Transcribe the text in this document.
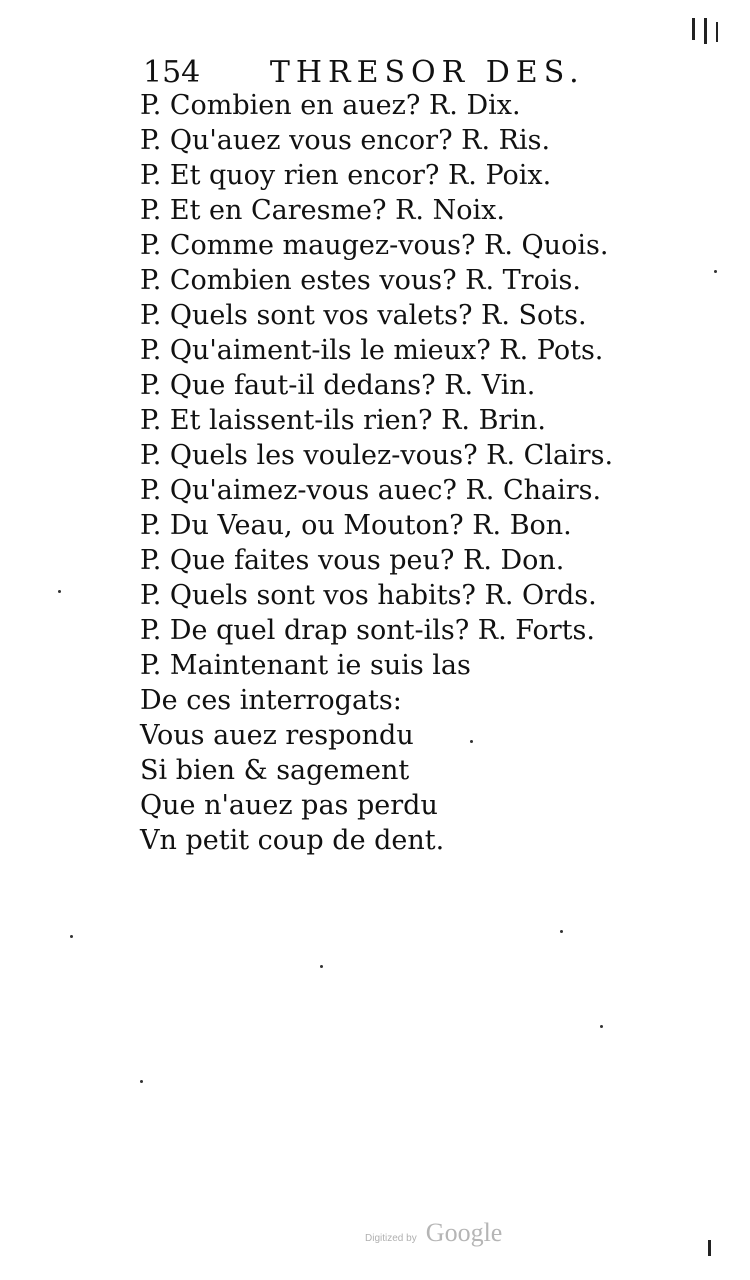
154 THRESOR DES.
P. Combien en auez? R. Dix.
P. Qu'auez vous encor? R. Ris.
P. Et quoy rien encor? R. Poix.
P. Et en Caresme? R. Noix.
P. Comme maugez-vous? R. Quois.
P. Combien estes vous? R. Trois.
P. Quels sont vos valets? R. Sots.
P. Qu'aiment-ils le mieux? R. Pots.
P. Que faut-il dedans? R. Vin.
P. Et laissent-ils rien? R. Brin.
P. Quels les voulez-vous? R. Clairs.
P. Qu'aimez-vous auec? R. Chairs.
P. Du Veau, ou Mouton? R. Bon.
P. Que faites vous peu? R. Don.
P. Quels sont vos habits? R. Ords.
P. De quel drap sont-ils? R. Forts.
P. Maintenant ie suis las
De ces interrogats:
Vous auez respondu
Si bien & sagement
Que n'auez pas perdu
Vn petit coup de dent.
Digitized by Google
